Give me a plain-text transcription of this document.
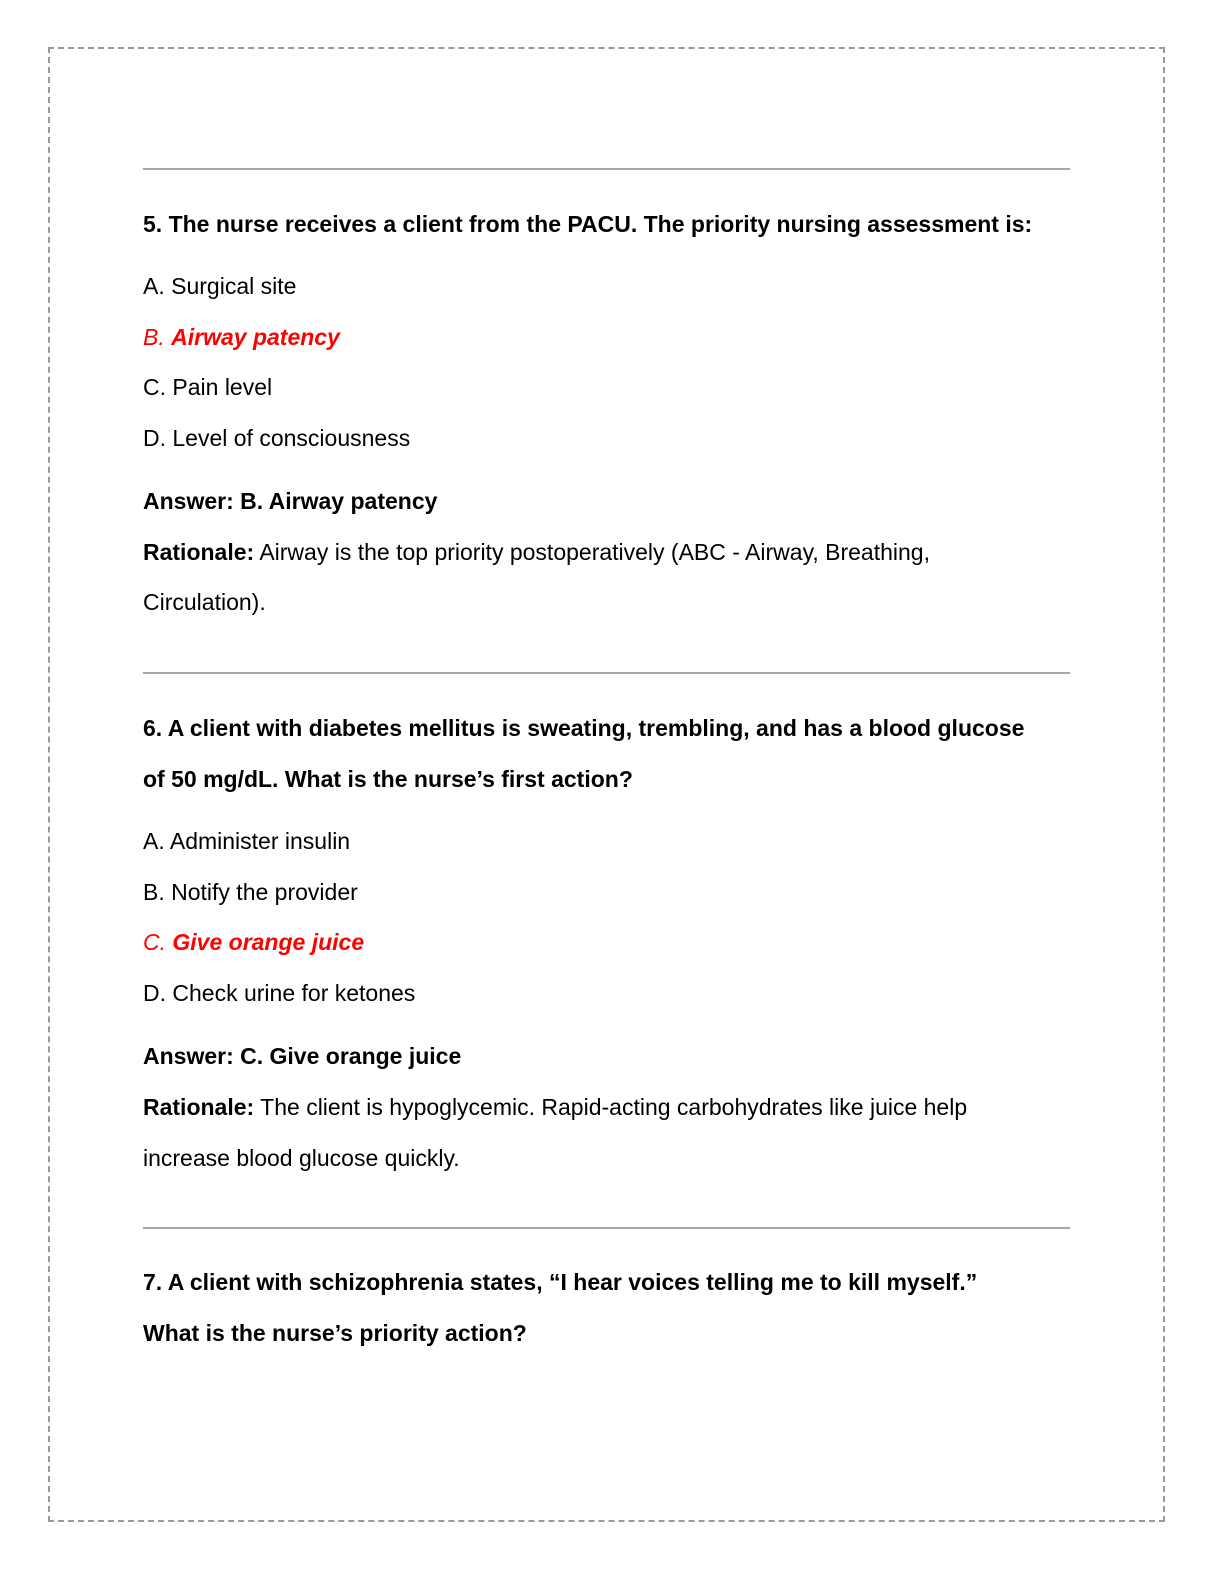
5. The nurse receives a client from the PACU. The priority nursing assessment is:
A. Surgical site
B. Airway patency
C. Pain level
D. Level of consciousness
Answer: B. Airway patency
Rationale: Airway is the top priority postoperatively (ABC - Airway, Breathing,
Circulation).
6. A client with diabetes mellitus is sweating, trembling, and has a blood glucose
of 50 mg/dL. What is the nurse’s first action?
A. Administer insulin
B. Notify the provider
C. Give orange juice
D. Check urine for ketones
Answer: C. Give orange juice
Rationale: The client is hypoglycemic. Rapid-acting carbohydrates like juice help
increase blood glucose quickly.
7. A client with schizophrenia states, “I hear voices telling me to kill myself.”
What is the nurse’s priority action?
